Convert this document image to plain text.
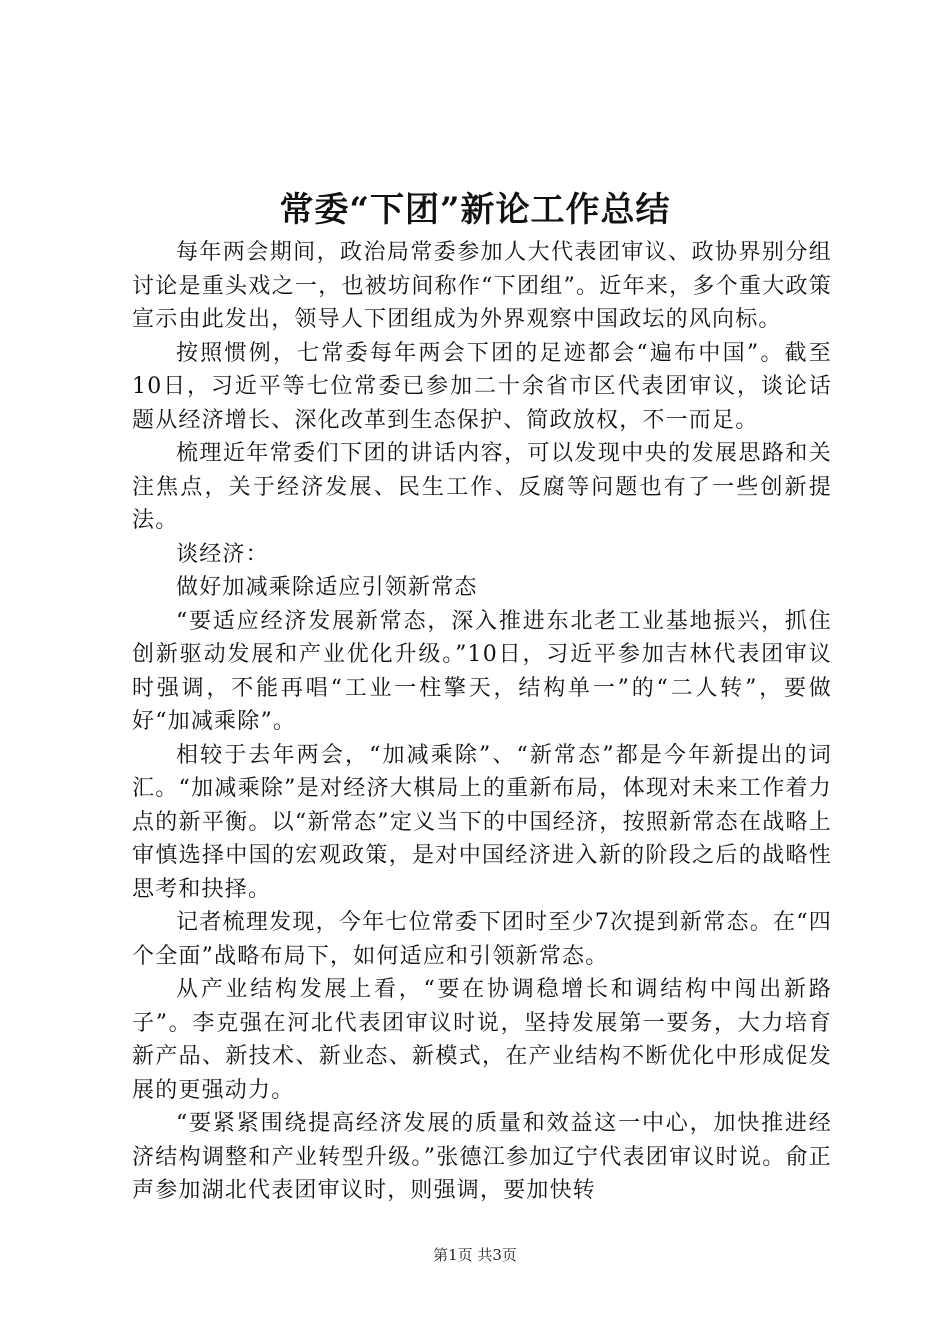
常委“下团”新论工作总结

每年两会期间，政治局常委参加人大代表团审议、政协界别分组讨论是重头戏之一，也被坊间称作“下团组”。近年来，多个重大政策宣示由此发出，领导人下团组成为外界观察中国政坛的风向标。

按照惯例，七常委每年两会下团的足迹都会“遍布中国”。截至10日，习近平等七位常委已参加二十余省市区代表团审议，谈论话题从经济增长、深化改革到生态保护、简政放权，不一而足。

梳理近年常委们下团的讲话内容，可以发现中央的发展思路和关注焦点，关于经济发展、民生工作、反腐等问题也有了一些创新提法。

谈经济：

做好加减乘除适应引领新常态

“要适应经济发展新常态，深入推进东北老工业基地振兴，抓住创新驱动发展和产业优化升级。”10日，习近平参加吉林代表团审议时强调，不能再唱“工业一柱擎天，结构单一”的“二人转”，要做好“加减乘除”。

相较于去年两会，“加减乘除”、“新常态”都是今年新提出的词汇。“加减乘除”是对经济大棋局上的重新布局，体现对未来工作着力点的新平衡。以“新常态”定义当下的中国经济，按照新常态在战略上审慎选择中国的宏观政策，是对中国经济进入新的阶段之后的战略性思考和抉择。

记者梳理发现，今年七位常委下团时至少7次提到新常态。在“四个全面”战略布局下，如何适应和引领新常态。

从产业结构发展上看，“要在协调稳增长和调结构中闯出新路子”。李克强在河北代表团审议时说，坚持发展第一要务，大力培育新产品、新技术、新业态、新模式，在产业结构不断优化中形成促发展的更强动力。

“要紧紧围绕提高经济发展的质量和效益这一中心，加快推进经济结构调整和产业转型升级。”张德江参加辽宁代表团审议时说。俞正声参加湖北代表团审议时，则强调，要加快转

第1页 共3页
